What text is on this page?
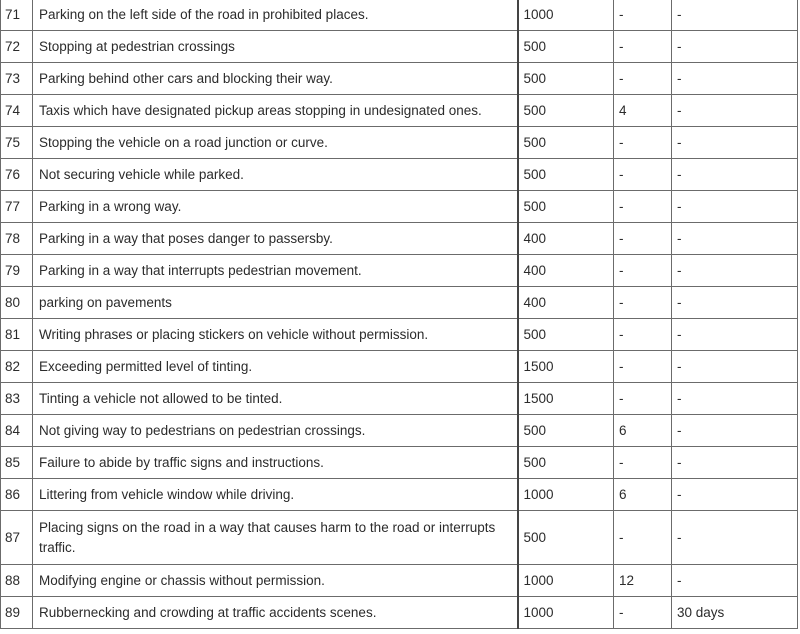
71	Parking on the left side of the road in prohibited places.	1000	-	-
72	Stopping at pedestrian crossings	500	-	-
73	Parking behind other cars and blocking their way.	500	-	-
74	Taxis which have designated pickup areas stopping in undesignated ones.	500	4	-
75	Stopping the vehicle on a road junction or curve.	500	-	-
76	Not securing vehicle while parked.	500	-	-
77	Parking in a wrong way.	500	-	-
78	Parking in a way that poses danger to passersby.	400	-	-
79	Parking in a way that interrupts pedestrian movement.	400	-	-
80	parking on pavements	400	-	-
81	Writing phrases or placing stickers on vehicle without permission.	500	-	-
82	Exceeding permitted level of tinting.	1500	-	-
83	Tinting a vehicle not allowed to be tinted.	1500	-	-
84	Not giving way to pedestrians on pedestrian crossings.	500	6	-
85	Failure to abide by traffic signs and instructions.	500	-	-
86	Littering from vehicle window while driving.	1000	6	-
87	Placing signs on the road in a way that causes harm to the road or interrupts traffic.	500	-	-
88	Modifying engine or chassis without permission.	1000	12	-
89	Rubbernecking and crowding at traffic accidents scenes.	1000	-	30 days
